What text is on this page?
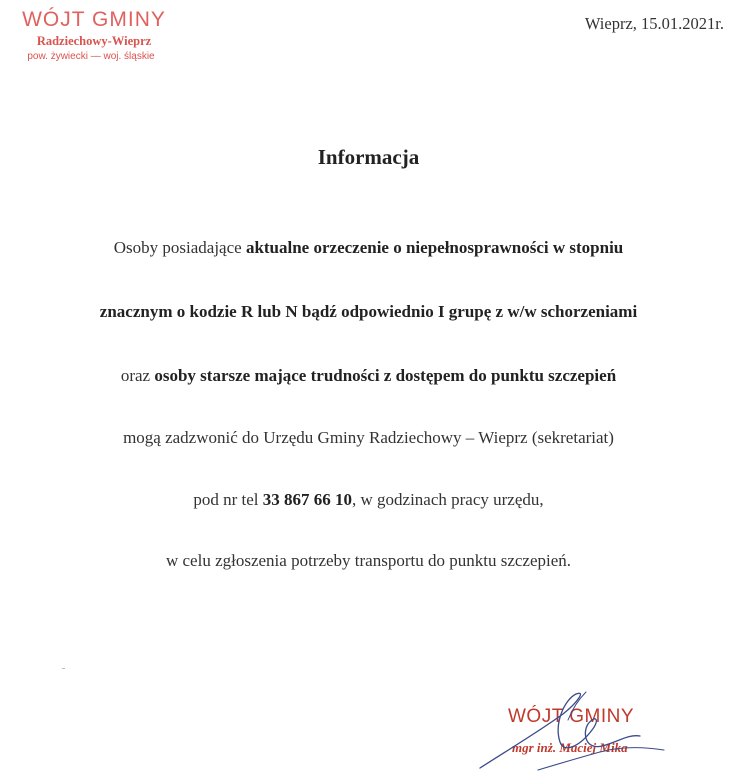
WÓJT GMINY
Radziechowy-Wieprz
pow. żywiecki — woj. śląskie
Wieprz, 15.01.2021r.
Informacja
Osoby posiadające aktualne orzeczenie o niepełnosprawności w stopniu
znacznym o kodzie R lub N bądź odpowiednio I grupę z w/w schorzeniami
oraz osoby starsze mające trudności z dostępem do punktu szczepień
mogą zadzwonić do Urzędu Gminy Radziechowy – Wieprz (sekretariat)
pod nr tel 33 867 66 10, w godzinach pracy urzędu,
w celu zgłoszenia potrzeby transportu do punktu szczepień.
WÓJT GMINY
mgr inż. Maciej Mika
